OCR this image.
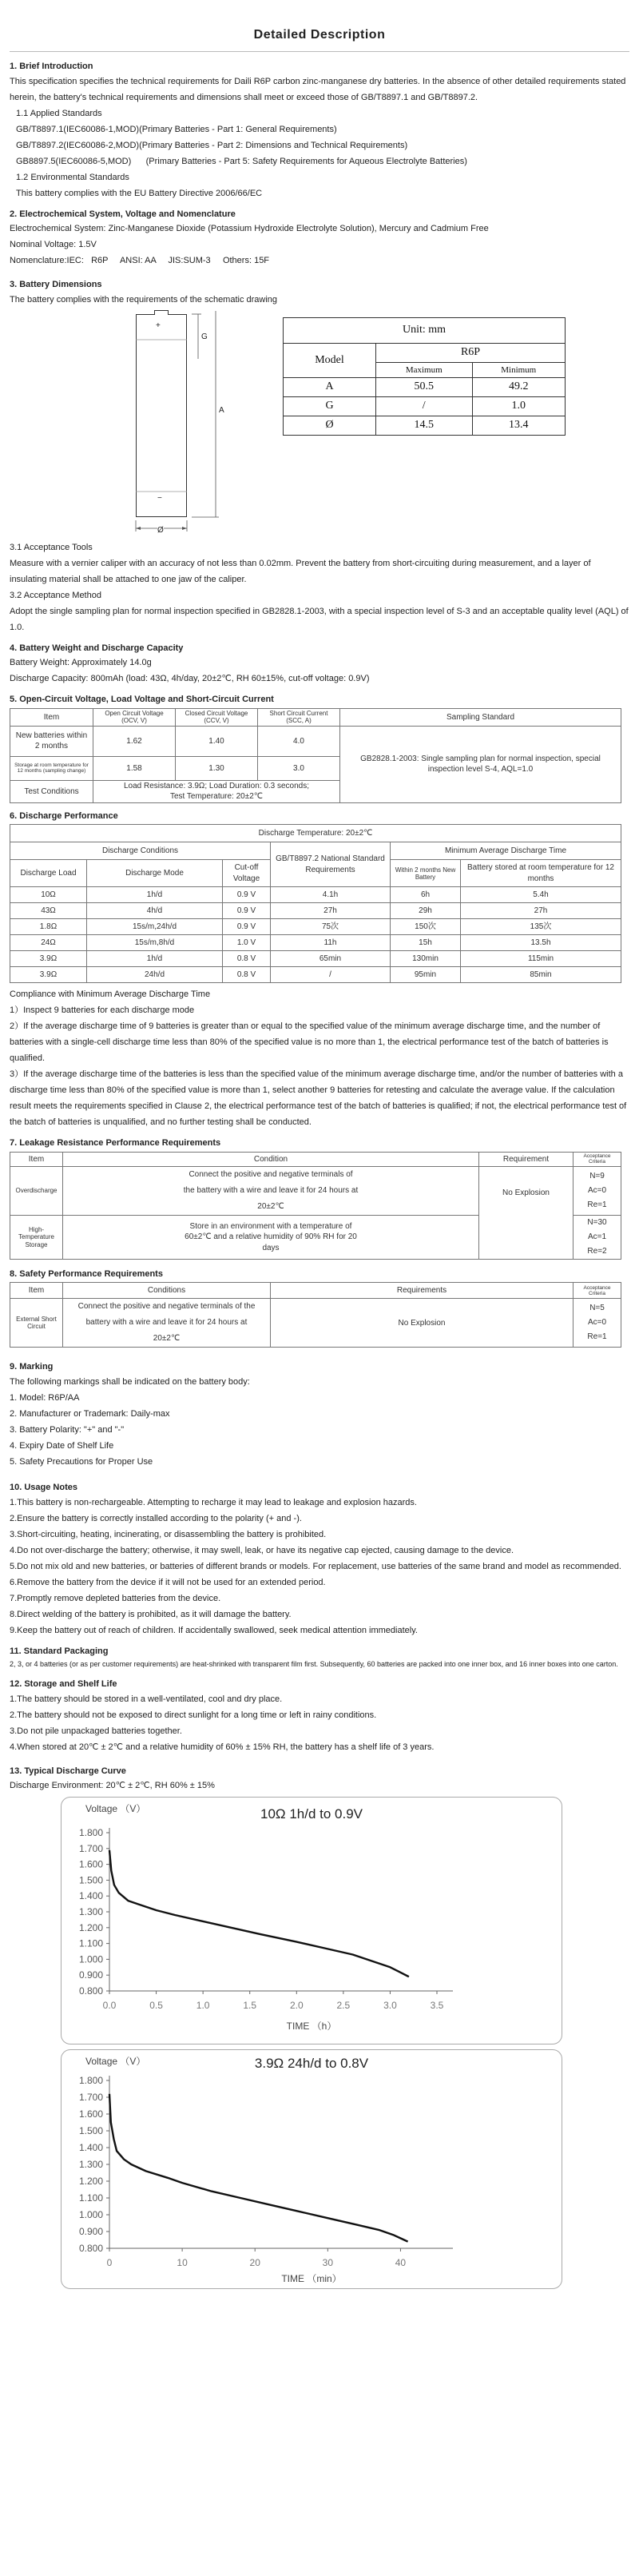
Detailed Description
1. Brief Introduction

This specification specifies the technical requirements for Daili R6P carbon zinc-manganese dry batteries. In the absence of other detailed requirements stated herein, the battery's technical requirements and dimensions shall meet or exceed those of GB/T8897.1 and GB/T8897.2.

1.1 Applied Standards

GB/T8897.1(IEC60086-1,MOD)(Primary Batteries - Part 1: General Requirements)

GB/T8897.2(IEC60086-2,MOD)(Primary Batteries - Part 2: Dimensions and Technical Requirements)

GB8897.5(IEC60086-5,MOD)      (Primary Batteries - Part 5: Safety Requirements for Aqueous Electrolyte Batteries)

1.2 Environmental Standards

This battery complies with the EU Battery Directive 2006/66/EC

2. Electrochemical System, Voltage and Nomenclature

Electrochemical System: Zinc-Manganese Dioxide (Potassium Hydroxide Electrolyte Solution), Mercury and Cadmium Free

Nominal Voltage: 1.5V

Nomenclature:IEC:   R6P     ANSI: AA     JIS:SUM-3     Others: 15F

3. Battery Dimensions

The battery complies with the requirements of the schematic drawing

+
−
G
A
Ø
Unit: mm		
Model	R6P	
	Maximum	Minimum
A	50.5	49.2
G	/	1.0
Ø	14.5	13.4

3.1 Acceptance Tools

Measure with a vernier caliper with an accuracy of not less than 0.02mm. Prevent the battery from short-circuiting during measurement, and a layer of insulating material shall be attached to one jaw of the caliper.

3.2 Acceptance Method

Adopt the single sampling plan for normal inspection specified in GB2828.1-2003, with a special inspection level of S-3 and an acceptable quality level (AQL) of 1.0.

4. Battery Weight and Discharge Capacity

Battery Weight: Approximately 14.0g

Discharge Capacity: 800mAh (load: 43Ω, 4h/day, 20±2℃, RH 60±15%, cut-off voltage: 0.9V)

5. Open-Circuit Voltage, Load Voltage and Short-Circuit Current
Item	Open Circuit Voltage (OCV, V)	Closed Circuit Voltage (CCV, V)	Short Circuit Current (SCC, A)	Sampling Standard
New batteries within 2 months	1.62	1.40	4.0	GB2828.1-2003: Single sampling plan for normal inspection, special inspection level S-4, AQL=1.0
Storage at room temperature for 12 months (sampling change)	1.58	1.30	3.0	
Test Conditions	Load Resistance: 3.9Ω; Load Duration: 0.3 seconds; Test Temperature: 20±2℃			
6. Discharge Performance
Discharge Temperature: 20±2℃					
Discharge Conditions			GB/T8897.2 National Standard Requirements	Minimum Average Discharge Time	
Discharge Load	Discharge Mode	Cut-off Voltage		Within 2 months New Battery	Battery stored at room temperature for 12 months
10Ω	1h/d	0.9 V	4.1h	6h	5.4h
43Ω	4h/d	0.9 V	27h	29h	27h
1.8Ω	15s/m,24h/d	0.9 V	75次	150次	135次
24Ω	15s/m,8h/d	1.0 V	11h	15h	13.5h
3.9Ω	1h/d	0.8 V	65min	130min	115min
3.9Ω	24h/d	0.8 V	/	95min	85min

Compliance with Minimum Average Discharge Time

1）Inspect 9 batteries for each discharge mode

2）If the average discharge time of 9 batteries is greater than or equal to the specified value of the minimum average discharge time, and the number of batteries with a single-cell discharge time less than 80% of the specified value is no more than 1, the electrical performance test of the batch of batteries is qualified.

3）If the average discharge time of the batteries is less than the specified value of the minimum average discharge time, and/or the number of batteries with a discharge time less than 80% of the specified value is more than 1, select another 9 batteries for retesting and calculate the average value. If the calculation result meets the requirements specified in Clause 2, the electrical performance test of the batch of batteries is qualified; if not, the electrical performance test of the batch of batteries is unqualified, and no further testing shall be conducted.

7. Leakage Resistance Performance Requirements
Item	Condition	Requirement	Acceptance Criteria
Overdischarge	Connect the positive and negative terminals of the battery with a wire and leave it for 24 hours at 20±2℃	No Explosion	N=9
Ac=0
Re=1

High-Temperature Storage	Store in an environment with a temperature of 60±2℃ and a relative humidity of 90% RH for 20 days		N=30
Ac=1
Re=2
8. Safety Performance Requirements
Item	Conditions	Requirements	Acceptance Criteria
External Short Circuit	Connect the positive and negative terminals of the battery with a wire and leave it for 24 hours at 20±2℃	No Explosion	N=5
Ac=0
Re=1
9. Marking

The following markings shall be indicated on the battery body:

1. Model: R6P/AA

2. Manufacturer or Trademark: Daily-max

3. Battery Polarity: "+" and "-"

4. Expiry Date of Shelf Life

5. Safety Precautions for Proper Use

10. Usage Notes

1.This battery is non-rechargeable. Attempting to recharge it may lead to leakage and explosion hazards.

2.Ensure the battery is correctly installed according to the polarity (+ and -).

3.Short-circuiting, heating, incinerating, or disassembling the battery is prohibited.

4.Do not over-discharge the battery; otherwise, it may swell, leak, or have its negative cap ejected, causing damage to the device.

5.Do not mix old and new batteries, or batteries of different brands or models. For replacement, use batteries of the same brand and model as recommended.

6.Remove the battery from the device if it will not be used for an extended period.

7.Promptly remove depleted batteries from the device.

8.Direct welding of the battery is prohibited, as it will damage the battery.

9.Keep the battery out of reach of children. If accidentally swallowed, seek medical attention immediately.

11. Standard Packaging

2, 3, or 4 batteries (or as per customer requirements) are heat-shrinked with transparent film first. Subsequently, 60 batteries are packed into one inner box, and 16 inner boxes into one carton.

12. Storage and Shelf Life

1.The battery should be stored in a well-ventilated, cool and dry place.

2.The battery should not be exposed to direct sunlight for a long time or left in rainy conditions.

3.Do not pile unpackaged batteries together.

4.When stored at 20℃ ± 2℃ and a relative humidity of 60% ± 15% RH, the battery has a shelf life of 3 years.

13. Typical Discharge Curve

Discharge Environment: 20℃ ± 2℃, RH 60% ± 15%

10Ω 1h/d to 0.9V
Voltage （V）
TIME （h）
1.800
1.700
1.600
1.500
1.400
1.300
1.200
1.100
1.000
0.900
0.800
0.0	0.5	1.0	1.5	2.0	2.5	3.0	3.5
3.9Ω 24h/d to 0.8V
Voltage （V）
TIME （min）
1.800
1.700
1.600
1.500
1.400
1.300
1.200
1.100
1.000
0.900
0.800
0	10	20	30	40
